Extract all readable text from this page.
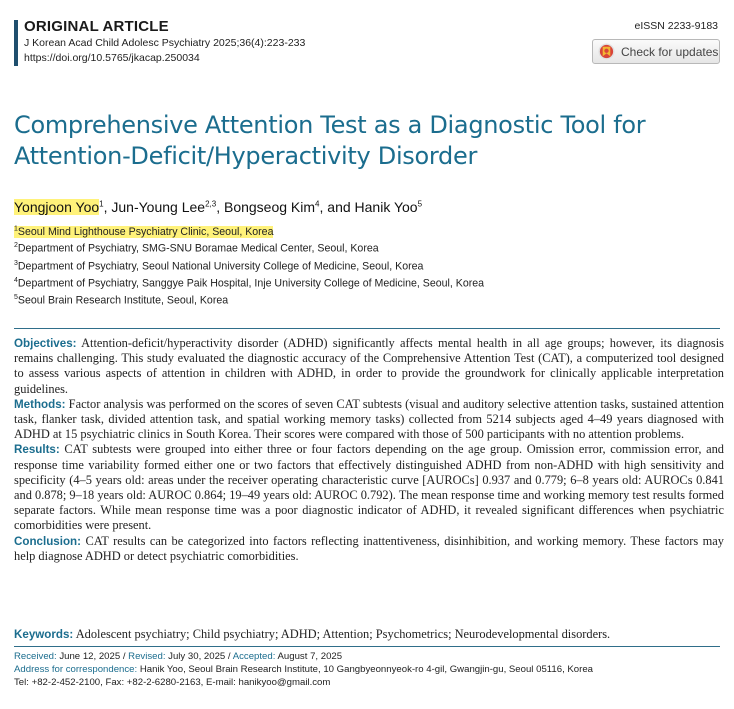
ORIGINAL ARTICLE
J Korean Acad Child Adolesc Psychiatry 2025;36(4):223-233
https://doi.org/10.5765/jkacap.250034
eISSN 2233-9183
Check for updates
Comprehensive Attention Test as a Diagnostic Tool for
Attention-Deficit/Hyperactivity Disorder
Yongjoon Yoo$^1$, Jun-Young Lee$^{2,3}$, Bongseog Kim$^4$, and Hanik Yoo$^5$
$^1$Seoul Mind Lighthouse Psychiatry Clinic, Seoul, Korea
$^2$Department of Psychiatry, SMG-SNU Boramae Medical Center, Seoul, Korea
$^3$Department of Psychiatry, Seoul National University College of Medicine, Seoul, Korea
$^4$Department of Psychiatry, Sanggye Paik Hospital, Inje University College of Medicine, Seoul, Korea
$^5$Seoul Brain Research Institute, Seoul, Korea

Objectives: Attention-deficit/hyperactivity disorder (ADHD) significantly affects mental health in all age groups; however, its diagnosis remains challenging. This study evaluated the diagnostic accuracy of the Comprehensive Attention Test (CAT), a computerized tool designed to assess various aspects of attention in children with ADHD, in order to provide the groundwork for clinically applicable interpretation guidelines.

Methods: Factor analysis was performed on the scores of seven CAT subtests (visual and auditory selective attention tasks, sustained attention task, flanker task, divided attention task, and spatial working memory tasks) collected from 5214 subjects aged 4–49 years diagnosed with ADHD at 15 psychiatric clinics in South Korea. Their scores were compared with those of 500 participants with no attention problems.

Results: CAT subtests were grouped into either three or four factors depending on the age group. Omission error, commission error, and response time variability formed either one or two factors that effectively distinguished ADHD from non-ADHD with high sensitivity and specificity (4–5 years old: areas under the receiver operating characteristic curve [AUROCs] 0.937 and 0.779; 6–8 years old: AUROCs 0.841 and 0.878; 9–18 years old: AUROC 0.864; 19–49 years old: AUROC 0.792). The mean response time and working memory test results formed separate factors. While mean response time was a poor diagnostic indicator of ADHD, it revealed significant differences when psychiatric comorbidities were present.

Conclusion: CAT results can be categorized into factors reflecting inattentiveness, disinhibition, and working memory. These factors may help diagnose ADHD or detect psychiatric comorbidities.

Keywords: Adolescent psychiatry; Child psychiatry; ADHD; Attention; Psychometrics; Neurodevelopmental disorders.
Received: June 12, 2025 / Revised: July 30, 2025 / Accepted: August 7, 2025
Address for correspondence: Hanik Yoo, Seoul Brain Research Institute, 10 Gangbyeonnyeok-ro 4-gil, Gwangjin-gu, Seoul 05116, Korea
Tel: +82-2-452-2100, Fax: +82-2-6280-2163, E-mail: hanikyoo@gmail.com
